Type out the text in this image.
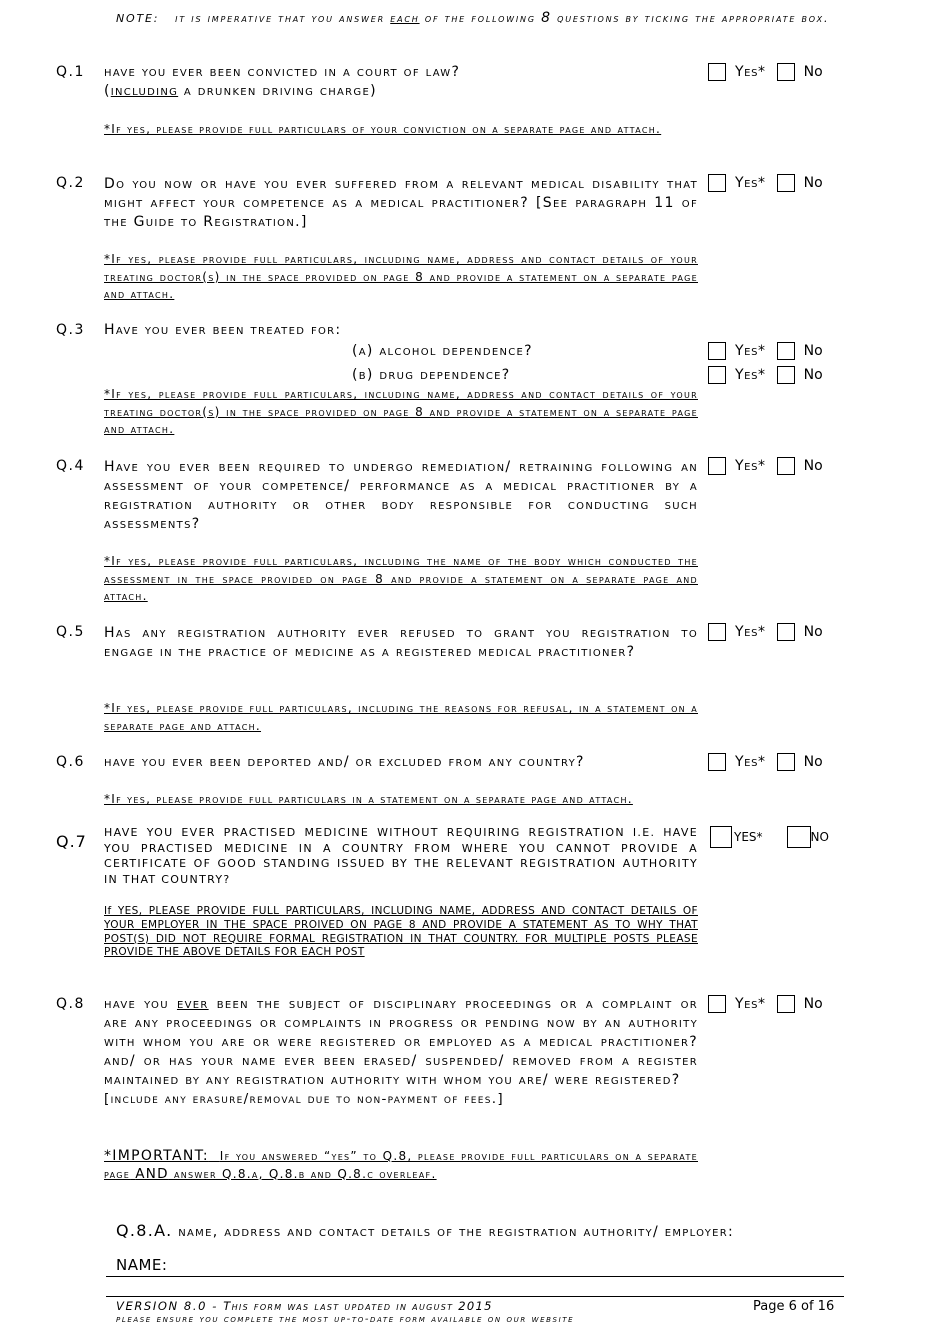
NOTE: it is imperative that you answer each of the following 8 questions by ticking the appropriate box.
Q.1 have you ever been convicted in a court of law?
(including a drunken driving charge)
Yes*	No
*If yes, please provide full particulars of your conviction on a separate page and attach.
Q.2 Do you now or have you ever suffered from a relevant medical disability that might affect your competence as a medical practitioner? [See paragraph 11 of the Guide to Registration.]
Yes*	No
*If yes, please provide full particulars, including name, address and contact details of your treating doctor(s) in the space provided on page 8 and provide a statement on a separate page and attach.
Q.3 Have you ever been treated for:
(a) alcohol dependence?
(b) drug dependence?
Yes*	No
Yes*	No
*If yes, please provide full particulars, including name, address and contact details of your treating doctor(s) in the space provided on page 8 and provide a statement on a separate page and attach.
Q.4 Have you ever been required to undergo remediation/ retraining following an assessment of your competence/ performance as a medical practitioner by a registration authority or other body responsible for conducting such assessments?
Yes*	No
*If yes, please provide full particulars, including the name of the body which conducted the assessment in the space provided on page 8 and provide a statement on a separate page and attach.
Q.5 Has any registration authority ever refused to grant you registration to engage in the practice of medicine as a registered medical practitioner?
Yes*	No
*If yes, please provide full particulars, including the reasons for refusal, in a statement on a separate page and attach.
Q.6 have you ever been deported and/ or excluded from any country?	Yes*	No
*If yes, please provide full particulars in a statement on a separate page and attach.
Q.7 HAVE YOU EVER PRACTISED MEDICINE WITHOUT REQUIRING REGISTRATION I.E. HAVE YOU PRACTISED MEDICINE IN A COUNTRY FROM WHERE YOU CANNOT PROVIDE A CERTIFICATE OF GOOD STANDING ISSUED BY THE RELEVANT REGISTRATION AUTHORITY IN THAT COUNTRY?
YES*	NO
If YES, PLEASE PROVIDE FULL PARTICULARS, INCLUDING NAME, ADDRESS AND CONTACT DETAILS OF YOUR EMPLOYER IN THE SPACE PROIVED ON PAGE 8 AND PROVIDE A STATEMENT AS TO WHY THAT POST(S) DID NOT REQUIRE FORMAL REGISTRATION IN THAT COUNTRY. FOR MULTIPLE POSTS PLEASE PROVIDE THE ABOVE DETAILS FOR EACH POST
Q.8 have you ever been the subject of disciplinary proceedings or a complaint or are any proceedings or complaints in progress or pending now by an authority with whom you are or were registered or employed as a medical practitioner? and/ or has your name ever been erased/ suspended/ removed from a register maintained by any registration authority with whom you are/ were registered?
[include any erasure/removal due to non-payment of fees.]
Yes*	No
*IMPORTANT: If you answered “yes” to Q.8, please provide full particulars on a separate page AND answer Q.8.a, Q.8.b and Q.8.c overleaf.
Q.8.A. name, address and contact details of the registration authority/ employer:
NAME:
VERSION 8.0 - This form was last updated in august 2015	Page 6 of 16
please ensure you complete the most up-to-date form available on our website
